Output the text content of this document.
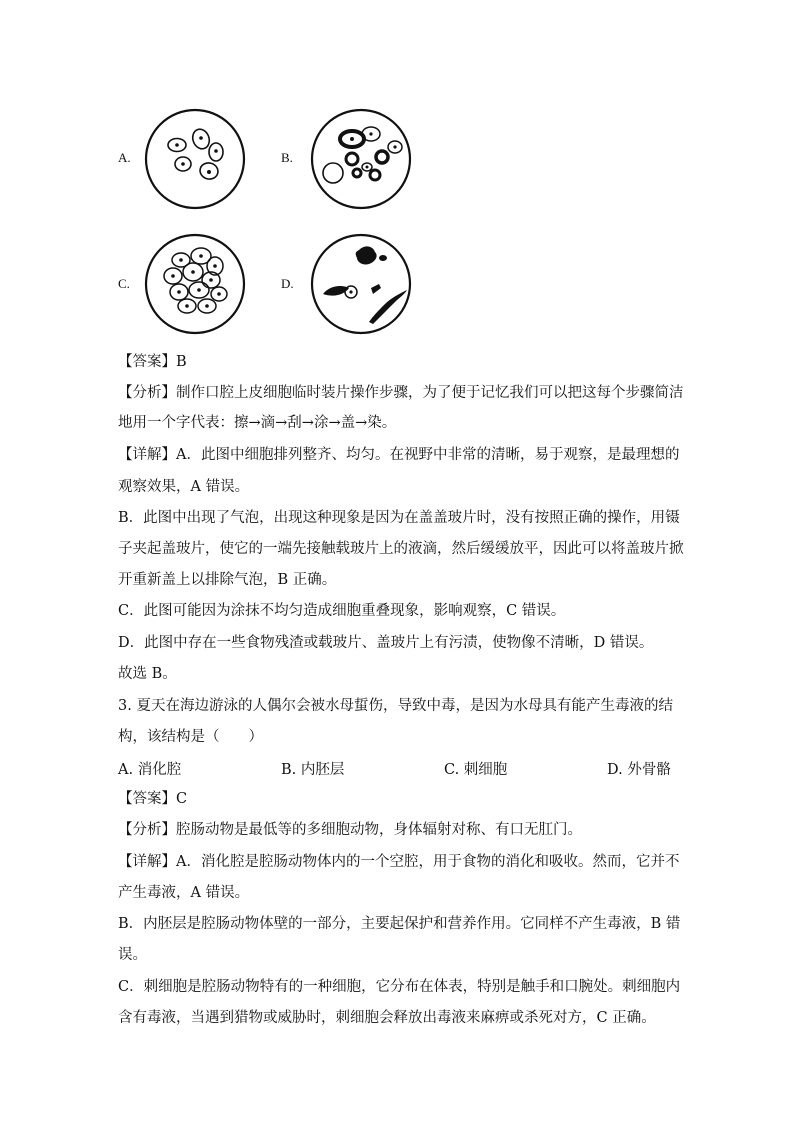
A.	B.
C.	D.
【答案】B
【分析】制作口腔上皮细胞临时装片操作步骤，为了便于记忆我们可以把这每个步骤简洁
地用一个字代表：擦→滴→刮→涂→盖→染。
【详解】A．此图中细胞排列整齐、均匀。在视野中非常的清晰，易于观察，是最理想的
观察效果，A 错误。
B．此图中出现了气泡，出现这种现象是因为在盖盖玻片时，没有按照正确的操作，用镊
子夹起盖玻片，使它的一端先接触载玻片上的液滴，然后缓缓放平，因此可以将盖玻片掀
开重新盖上以排除气泡，B 正确。
C．此图可能因为涂抹不均匀造成细胞重叠现象，影响观察，C 错误。
D．此图中存在一些食物残渣或载玻片、盖玻片上有污渍，使物像不清晰，D 错误。
故选 B。
3. 夏天在海边游泳的人偶尔会被水母蜇伤，导致中毒，是因为水母具有能产生毒液的结
构，该结构是（　　）
A. 消化腔	B. 内胚层	C. 刺细胞	D. 外骨骼
【答案】C
【分析】腔肠动物是最低等的多细胞动物，身体辐射对称、有口无肛门。
【详解】A．消化腔是腔肠动物体内的一个空腔，用于食物的消化和吸收。然而，它并不
产生毒液，A 错误。
B．内胚层是腔肠动物体壁的一部分，主要起保护和营养作用。它同样不产生毒液，B 错
误。
C．刺细胞是腔肠动物特有的一种细胞，它分布在体表，特别是触手和口腕处。刺细胞内
含有毒液，当遇到猎物或威胁时，刺细胞会释放出毒液来麻痹或杀死对方，C 正确。
